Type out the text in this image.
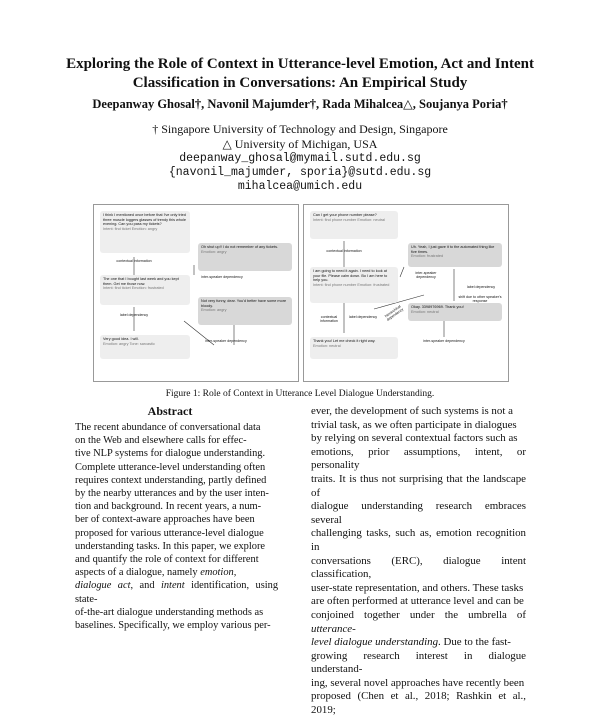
Exploring the Role of Context in Utterance-level Emotion, Act and Intent
Classification in Conversations: An Empirical Study
Deepanway Ghosal†, Navonil Majumder†, Rada Mihalcea△, Soujanya Poria†
† Singapore University of Technology and Design, Singapore
△ University of Michigan, USA
deepanway_ghosal@mymail.sutd.edu.sg
{navonil_majumder, sporia}@sutd.edu.sg
mihalcea@umich.edu
I think I mentioned once before that I've only tried three muscle loggers glasses of trendy this whole evening. Can you pass my tickets?
Intent: find ticket Emotion: angry
Oh shut up!! I do not remember of any tickets.
Emotion: angry
contextual information
The one that I bought last week and you kept them. Get me those now.
Intent: find ticket Emotion: frustrated
inter-speaker dependency
Not very funny, dear. You'd better have some more bloody.
Emotion: angry
label dependency
inter-speaker dependency
Very good idea. I will.
Emotion: angry Tone: sarcastic
Can I get your phone number please?
Intent: find phone number Emotion: neutral
contextual information
Uh. Yeah, I just gave it to the automated thing like five times.
Emotion: frustrated
inter-speaker dependency
label dependency
shift due to other speaker's response
I am going to need it again. I need to look at your file. Please calm down. Bo I am here to help you.
Intent: find phone number Emotion: frustrated
Okay. 3398976969. Thank you!
Emotion: neutral
contextual information
label dependency	hierarchical dependency
inter-speaker dependency
Thank you! Let me check it right way.
Emotion: neutral
Figure 1: Role of Context in Utterance Level Dialogue Understanding.
Abstract

The recent abundance of conversational data

on the Web and elsewhere calls for effec-

tive NLP systems for dialogue understanding.

Complete utterance-level understanding often

requires context understanding, partly defined

by the nearby utterances and by the user inten-

tion and background. In recent years, a num-

ber of context-aware approaches have been

proposed for various utterance-level dialogue

understanding tasks. In this paper, we explore

and quantify the role of context for different

aspects of a dialogue, namely emotion,

dialogue act, and intent identification, using state-

of-the-art dialogue understanding methods as

baselines. Specifically, we employ various per-

ever, the development of such systems is not a

trivial task, as we often participate in dialogues

by relying on several contextual factors such as

emotions, prior assumptions, intent, or personality

traits. It is thus not surprising that the landscape of

dialogue understanding research embraces several

challenging tasks, such as, emotion recognition in

conversations (ERC), dialogue intent classification,

user-state representation, and others. These tasks

are often performed at utterance level and can be

conjoined together under the umbrella of utterance-

level dialogue understanding. Due to the fast-

growing research interest in dialogue understand-

ing, several novel approaches have recently been

proposed (Chen et al., 2018; Rashkin et al., 2019;
